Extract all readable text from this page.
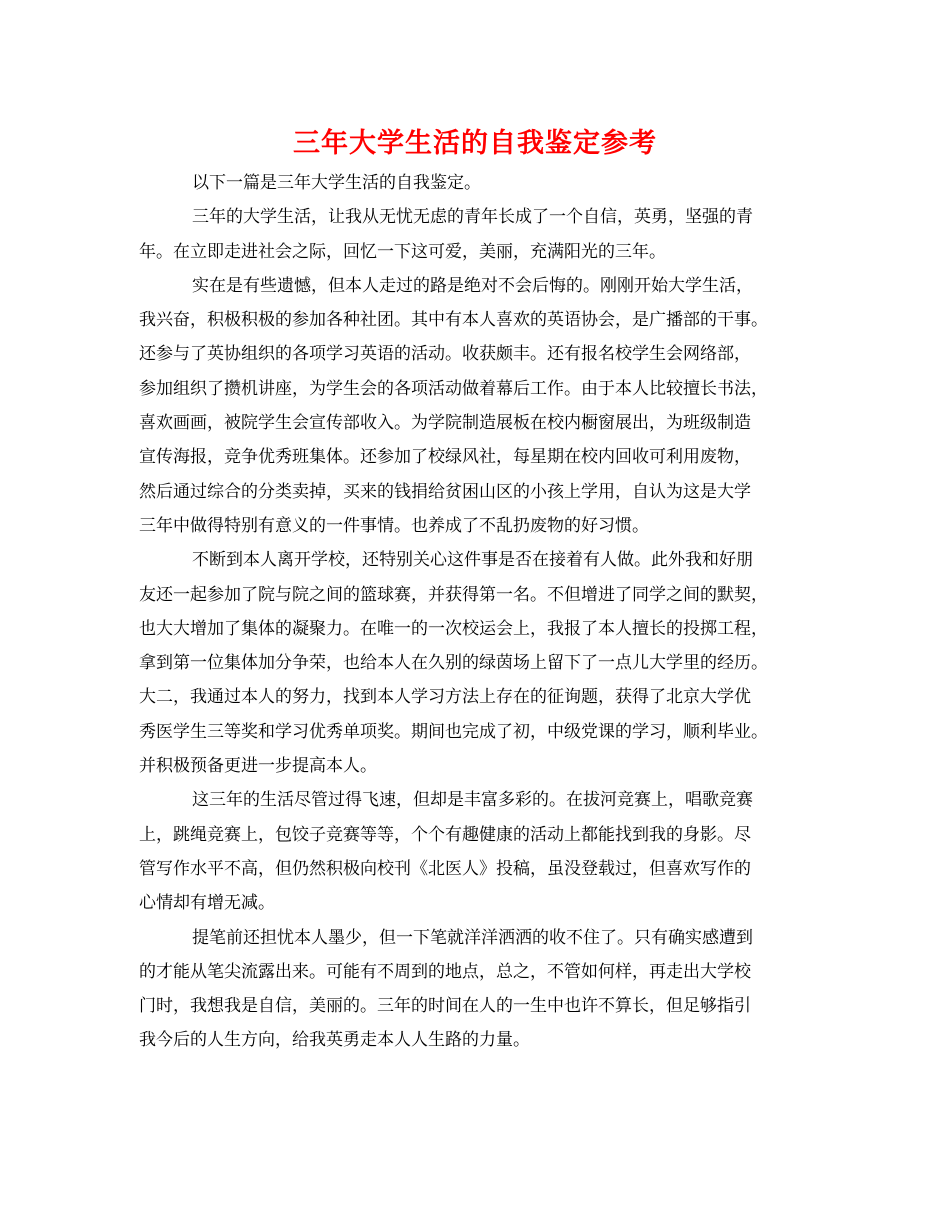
三年大学生活的自我鉴定参考
以下一篇是三年大学生活的自我鉴定。
三年的大学生活，让我从无忧无虑的青年长成了一个自信，英勇，坚强的青
年。在立即走进社会之际，回忆一下这可爱，美丽，充满阳光的三年。
实在是有些遗憾，但本人走过的路是绝对不会后悔的。刚刚开始大学生活，
我兴奋，积极积极的参加各种社团。其中有本人喜欢的英语协会，是广播部的干事。
还参与了英协组织的各项学习英语的活动。收获颇丰。还有报名校学生会网络部，
参加组织了攒机讲座，为学生会的各项活动做着幕后工作。由于本人比较擅长书法，
喜欢画画，被院学生会宣传部收入。为学院制造展板在校内橱窗展出，为班级制造
宣传海报，竞争优秀班集体。还参加了校绿风社，每星期在校内回收可利用废物，
然后通过综合的分类卖掉，买来的钱捐给贫困山区的小孩上学用，自认为这是大学
三年中做得特别有意义的一件事情。也养成了不乱扔废物的好习惯。
不断到本人离开学校，还特别关心这件事是否在接着有人做。此外我和好朋
友还一起参加了院与院之间的篮球赛，并获得第一名。不但增进了同学之间的默契，
也大大增加了集体的凝聚力。在唯一的一次校运会上，我报了本人擅长的投掷工程，
拿到第一位集体加分争荣，也给本人在久别的绿茵场上留下了一点儿大学里的经历。
大二，我通过本人的努力，找到本人学习方法上存在的征询题，获得了北京大学优
秀医学生三等奖和学习优秀单项奖。期间也完成了初，中级党课的学习，顺利毕业。
并积极预备更进一步提高本人。
这三年的生活尽管过得飞速，但却是丰富多彩的。在拔河竞赛上，唱歌竞赛
上，跳绳竞赛上，包饺子竞赛等等，个个有趣健康的活动上都能找到我的身影。尽
管写作水平不高，但仍然积极向校刊《北医人》投稿，虽没登载过，但喜欢写作的
心情却有增无减。
提笔前还担忧本人墨少，但一下笔就洋洋洒洒的收不住了。只有确实感遭到
的才能从笔尖流露出来。可能有不周到的地点，总之，不管如何样，再走出大学校
门时，我想我是自信，美丽的。三年的时间在人的一生中也许不算长，但足够指引
我今后的人生方向，给我英勇走本人人生路的力量。
